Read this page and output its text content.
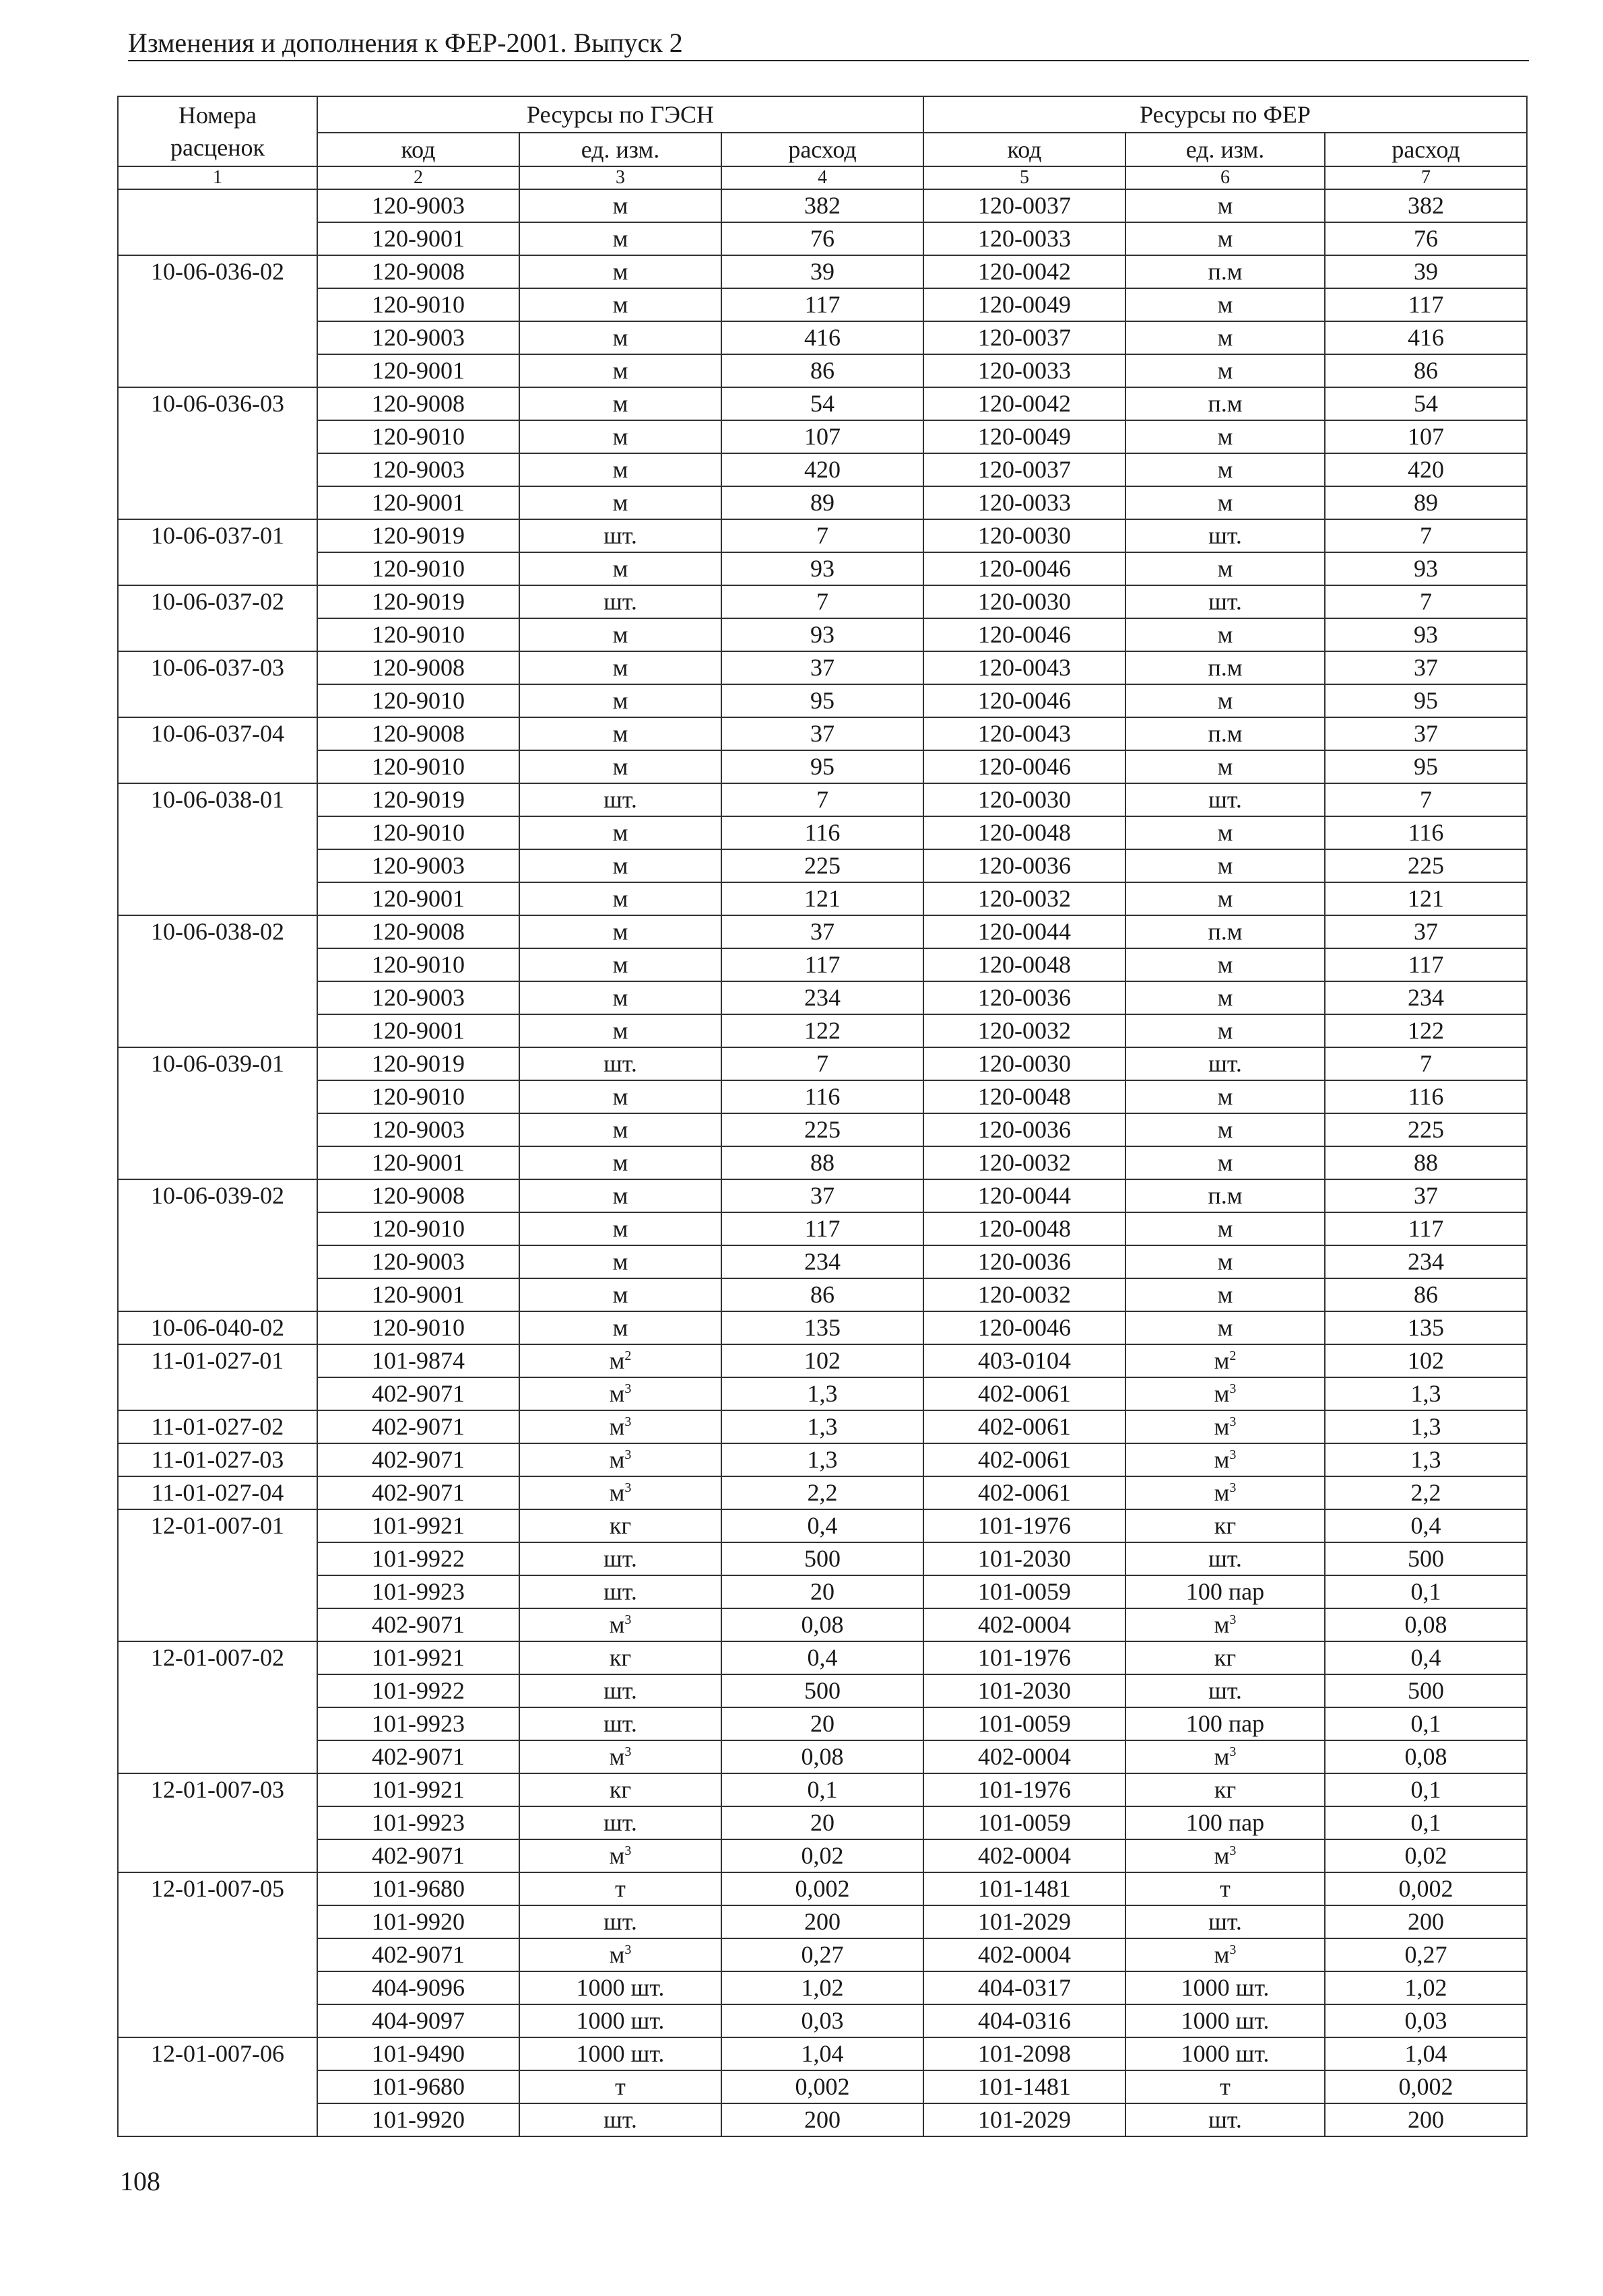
Изменения и дополнения к ФЕР-2001. Выпуск 2
Номера расценок	Ресурсы по ГЭСН			Ресурсы по ФЕР		
	код	ед. изм.	расход	код	ед. изм.	расход
1	2	3	4	5	6	7

	120-9003	м	382	120-0037	м	382
	120-9001	м	76	120-0033	м	76

10-06-036-02	120-9008	м	39	120-0042	п.м	39
	120-9010	м	117	120-0049	м	117
	120-9003	м	416	120-0037	м	416
	120-9001	м	86	120-0033	м	86

10-06-036-03	120-9008	м	54	120-0042	п.м	54
	120-9010	м	107	120-0049	м	107
	120-9003	м	420	120-0037	м	420
	120-9001	м	89	120-0033	м	89

10-06-037-01	120-9019	шт.	7	120-0030	шт.	7
	120-9010	м	93	120-0046	м	93

10-06-037-02	120-9019	шт.	7	120-0030	шт.	7
	120-9010	м	93	120-0046	м	93

10-06-037-03	120-9008	м	37	120-0043	п.м	37
	120-9010	м	95	120-0046	м	95

10-06-037-04	120-9008	м	37	120-0043	п.м	37
	120-9010	м	95	120-0046	м	95

10-06-038-01	120-9019	шт.	7	120-0030	шт.	7
	120-9010	м	116	120-0048	м	116
	120-9003	м	225	120-0036	м	225
	120-9001	м	121	120-0032	м	121

10-06-038-02	120-9008	м	37	120-0044	п.м	37
	120-9010	м	117	120-0048	м	117
	120-9003	м	234	120-0036	м	234
	120-9001	м	122	120-0032	м	122

10-06-039-01	120-9019	шт.	7	120-0030	шт.	7
	120-9010	м	116	120-0048	м	116
	120-9003	м	225	120-0036	м	225
	120-9001	м	88	120-0032	м	88

10-06-039-02	120-9008	м	37	120-0044	п.м	37
	120-9010	м	117	120-0048	м	117
	120-9003	м	234	120-0036	м	234
	120-9001	м	86	120-0032	м	86

10-06-040-02	120-9010	м	135	120-0046	м	135

11-01-027-01	101-9874	$м^2$	102	403-0104	$м^2$	102
	402-9071	$м^3$	1,3	402-0061	$м^3$	1,3

11-01-027-02	402-9071	$м^3$	1,3	402-0061	$м^3$	1,3

11-01-027-03	402-9071	$м^3$	1,3	402-0061	$м^3$	1,3

11-01-027-04	402-9071	$м^3$	2,2	402-0061	$м^3$	2,2

12-01-007-01	101-9921	кг	0,4	101-1976	кг	0,4
	101-9922	шт.	500	101-2030	шт.	500
	101-9923	шт.	20	101-0059	100 пар	0,1
	402-9071	$м^3$	0,08	402-0004	$м^3$	0,08

12-01-007-02	101-9921	кг	0,4	101-1976	кг	0,4
	101-9922	шт.	500	101-2030	шт.	500
	101-9923	шт.	20	101-0059	100 пар	0,1
	402-9071	$м^3$	0,08	402-0004	$м^3$	0,08

12-01-007-03	101-9921	кг	0,1	101-1976	кг	0,1
	101-9923	шт.	20	101-0059	100 пар	0,1
	402-9071	$м^3$	0,02	402-0004	$м^3$	0,02

12-01-007-05	101-9680	т	0,002	101-1481	т	0,002
	101-9920	шт.	200	101-2029	шт.	200
	402-9071	$м^3$	0,27	402-0004	$м^3$	0,27
	404-9096	1000 шт.	1,02	404-0317	1000 шт.	1,02
	404-9097	1000 шт.	0,03	404-0316	1000 шт.	0,03

12-01-007-06	101-9490	1000 шт.	1,04	101-2098	1000 шт.	1,04
	101-9680	т	0,002	101-1481	т	0,002
	101-9920	шт.	200	101-2029	шт.	200
108
